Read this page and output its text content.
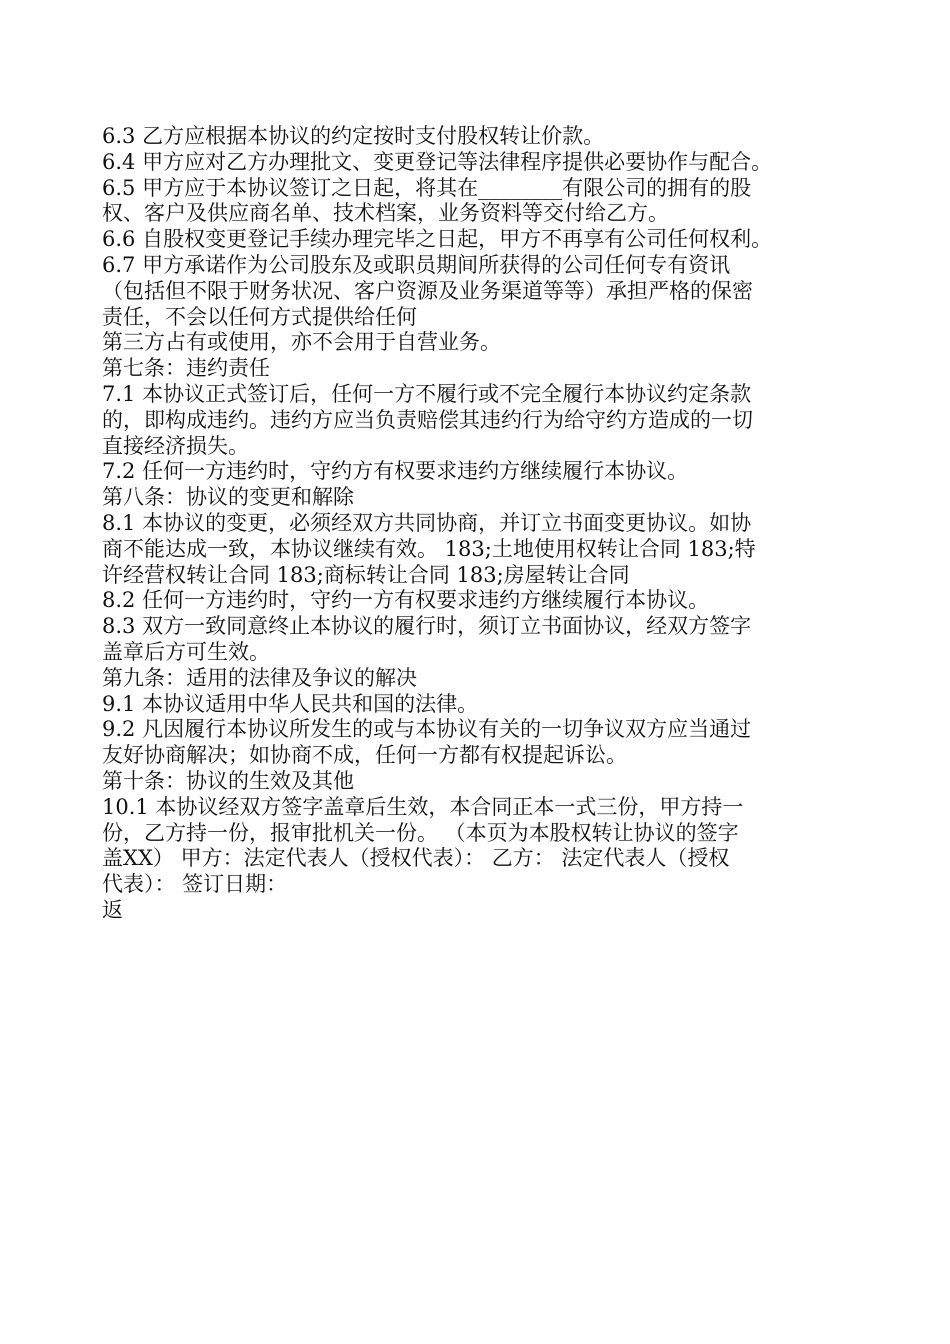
6.3 乙方应根据本协议的约定按时支付股权转让价款。
6.4 甲方应对乙方办理批文、变更登记等法律程序提供必要协作与配合。
6.5 甲方应于本协议签订之日起，将其在________有限公司的拥有的股
权、客户及供应商名单、技术档案，业务资料等交付给乙方。
6.6 自股权变更登记手续办理完毕之日起，甲方不再享有公司任何权利。
6.7 甲方承诺作为公司股东及或职员期间所获得的公司任何专有资讯
（包括但不限于财务状况、客户资源及业务渠道等等）承担严格的保密
责任，不会以任何方式提供给任何
第三方占有或使用，亦不会用于自营业务。
第七条：违约责任
7.1 本协议正式签订后，任何一方不履行或不完全履行本协议约定条款
的，即构成违约。违约方应当负责赔偿其违约行为给守约方造成的一切
直接经济损失。
7.2 任何一方违约时，守约方有权要求违约方继续履行本协议。
第八条：协议的变更和解除
8.1 本协议的变更，必须经双方共同协商，并订立书面变更协议。如协
商不能达成一致，本协议继续有效。 183;土地使用权转让合同 183;特
许经营权转让合同 183;商标转让合同 183;房屋转让合同
8.2 任何一方违约时，守约一方有权要求违约方继续履行本协议。
8.3 双方一致同意终止本协议的履行时，须订立书面协议，经双方签字
盖章后方可生效。
第九条：适用的法律及争议的解决
9.1 本协议适用中华人民共和国的法律。
9.2 凡因履行本协议所发生的或与本协议有关的一切争议双方应当通过
友好协商解决；如协商不成，任何一方都有权提起诉讼。
第十条：协议的生效及其他
10.1 本协议经双方签字盖章后生效，本合同正本一式三份，甲方持一
份，乙方持一份，报审批机关一份。 （本页为本股权转让协议的签字
盖XX） 甲方：法定代表人（授权代表）： 乙方： 法定代表人（授权
代表）： 签订日期：
返
